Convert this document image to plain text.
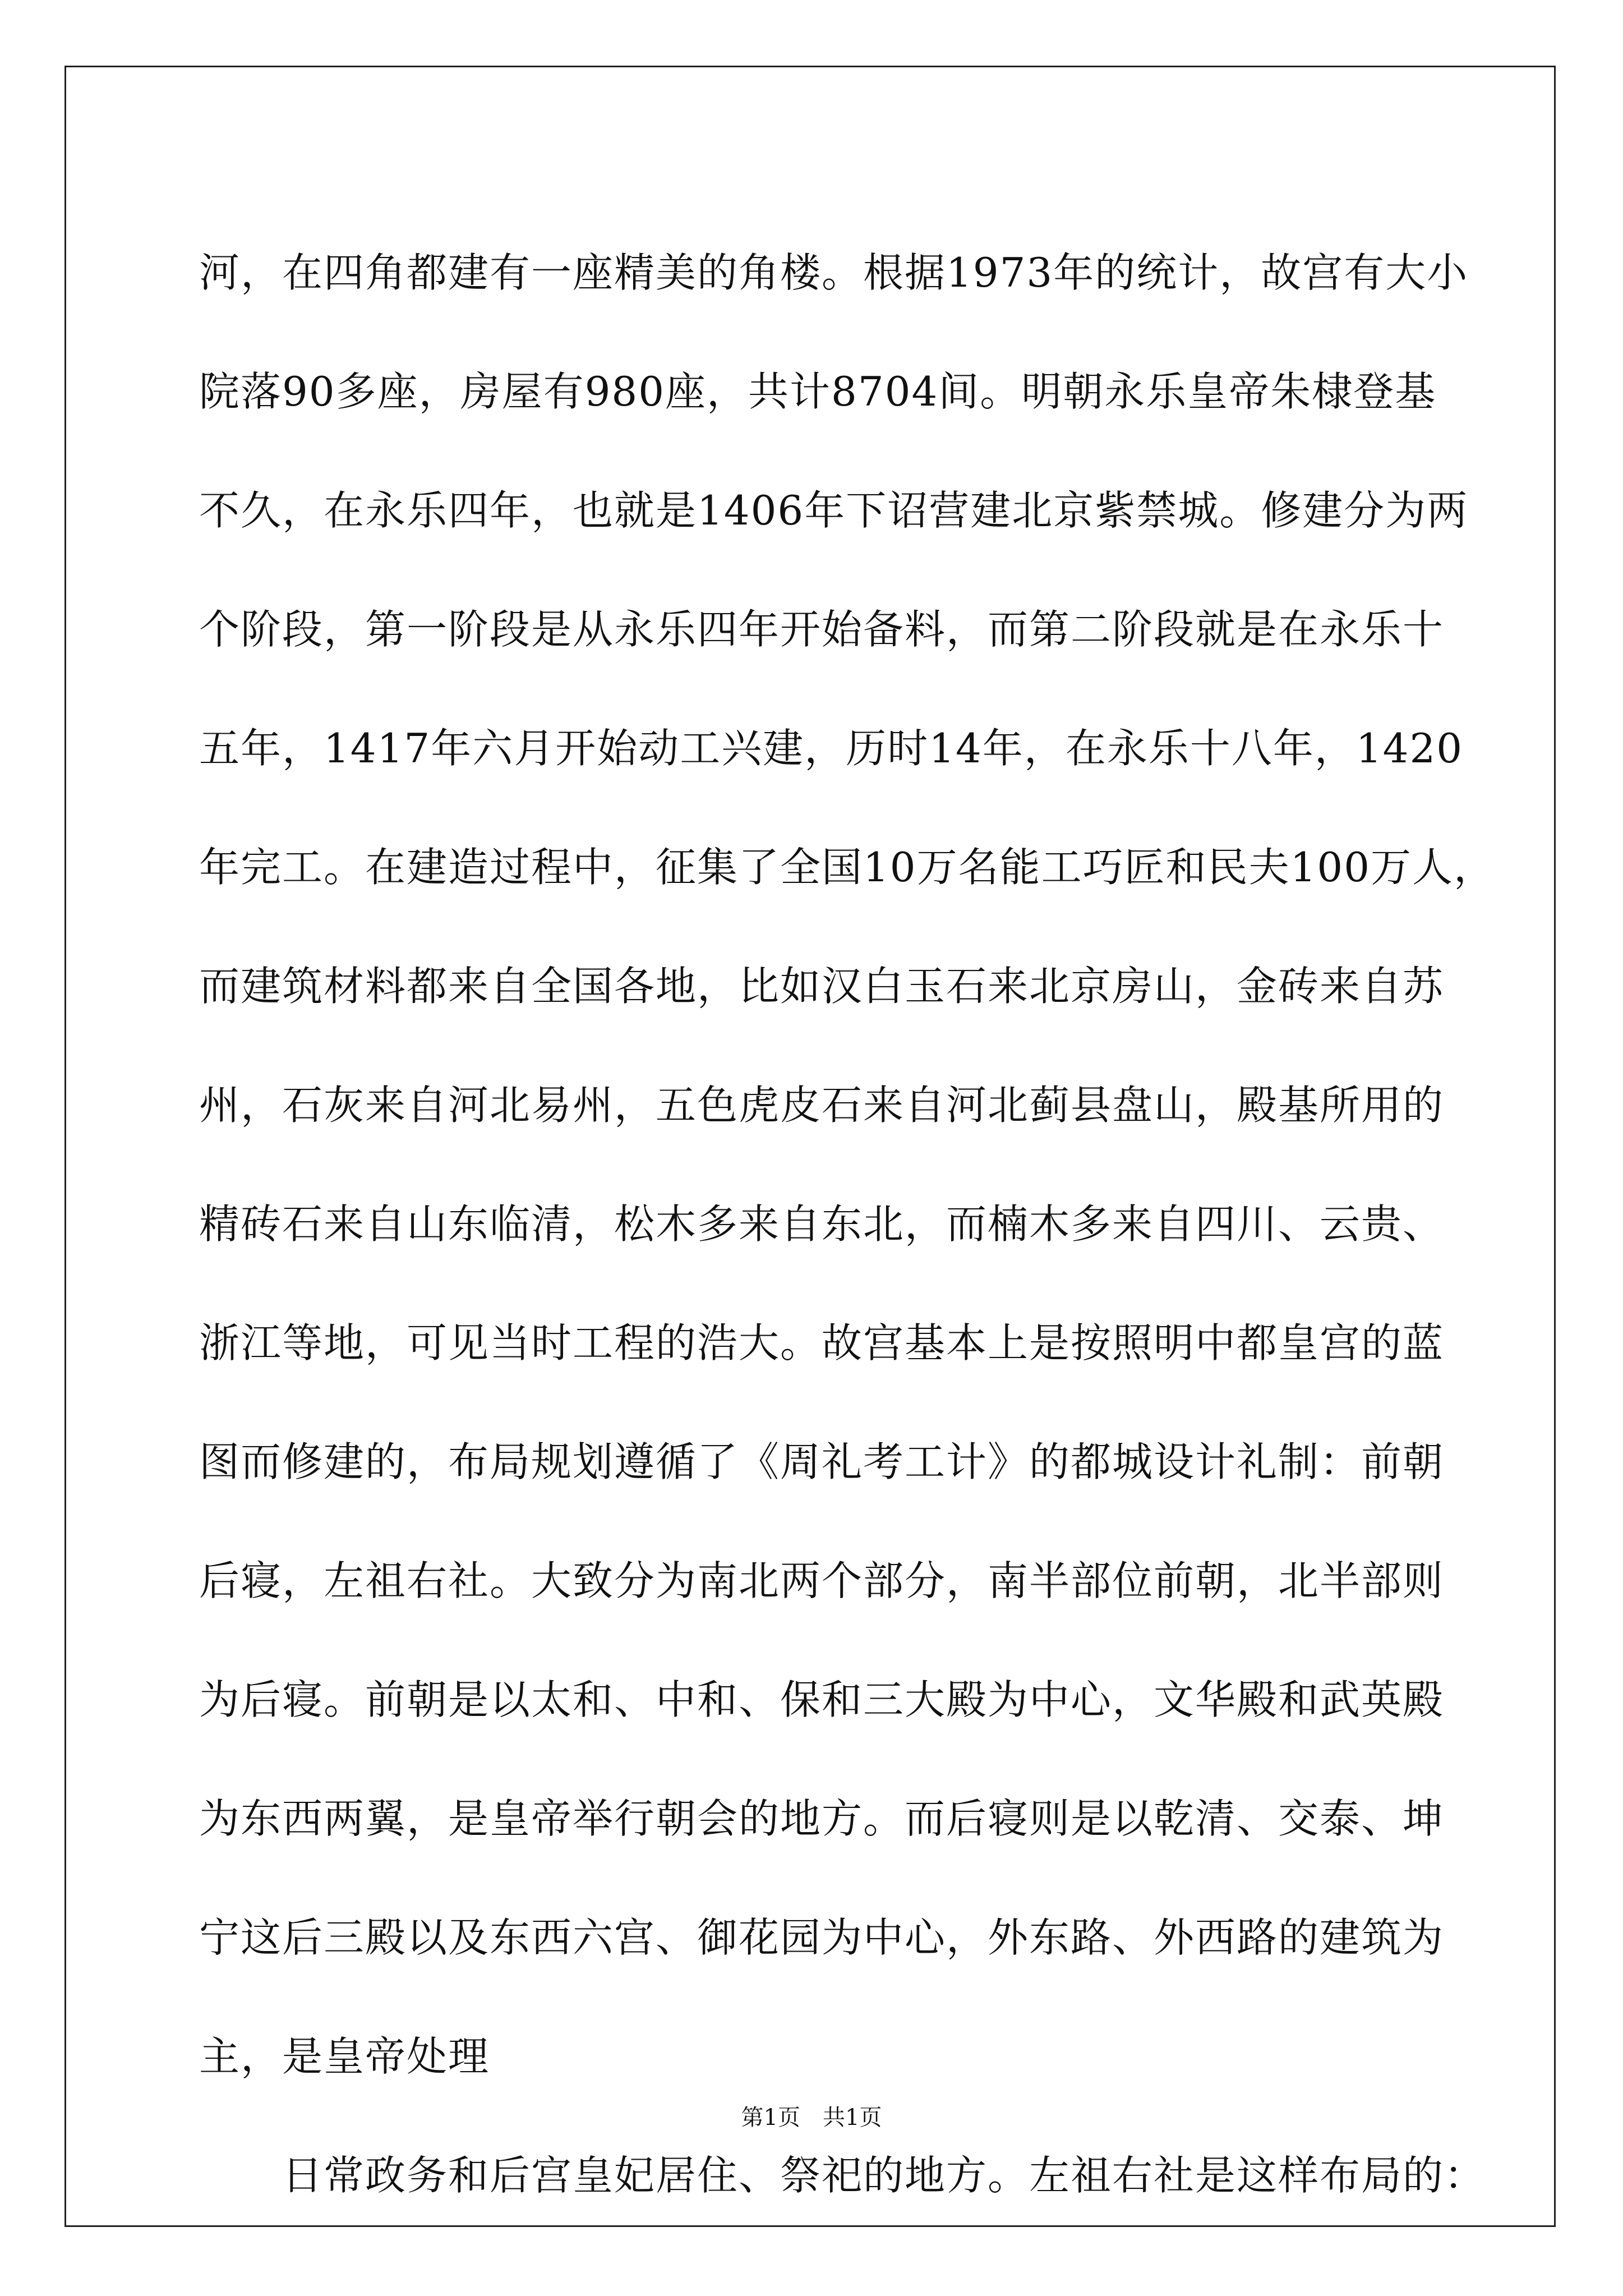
河，在四角都建有一座精美的角楼。根据1973年的统计，故宫有大小
院落90多座，房屋有980座，共计8704间。明朝永乐皇帝朱棣登基
不久，在永乐四年，也就是1406年下诏营建北京紫禁城。修建分为两
个阶段，第一阶段是从永乐四年开始备料，而第二阶段就是在永乐十
五年，1417年六月开始动工兴建，历时14年，在永乐十八年，1420
年完工。在建造过程中，征集了全国10万名能工巧匠和民夫100万人，
而建筑材料都来自全国各地，比如汉白玉石来北京房山，金砖来自苏
州，石灰来自河北易州，五色虎皮石来自河北蓟县盘山，殿基所用的
精砖石来自山东临清，松木多来自东北，而楠木多来自四川、云贵、
浙江等地，可见当时工程的浩大。故宫基本上是按照明中都皇宫的蓝
图而修建的，布局规划遵循了《周礼考工计》的都城设计礼制：前朝
后寝，左祖右社。大致分为南北两个部分，南半部位前朝，北半部则
为后寝。前朝是以太和、中和、保和三大殿为中心，文华殿和武英殿
为东西两翼，是皇帝举行朝会的地方。而后寝则是以乾清、交泰、坤
宁这后三殿以及东西六宫、御花园为中心，外东路、外西路的建筑为
主，是皇帝处理
日常政务和后宫皇妃居住、祭祀的地方。左祖右社是这样布局的：
第1页 共1页
